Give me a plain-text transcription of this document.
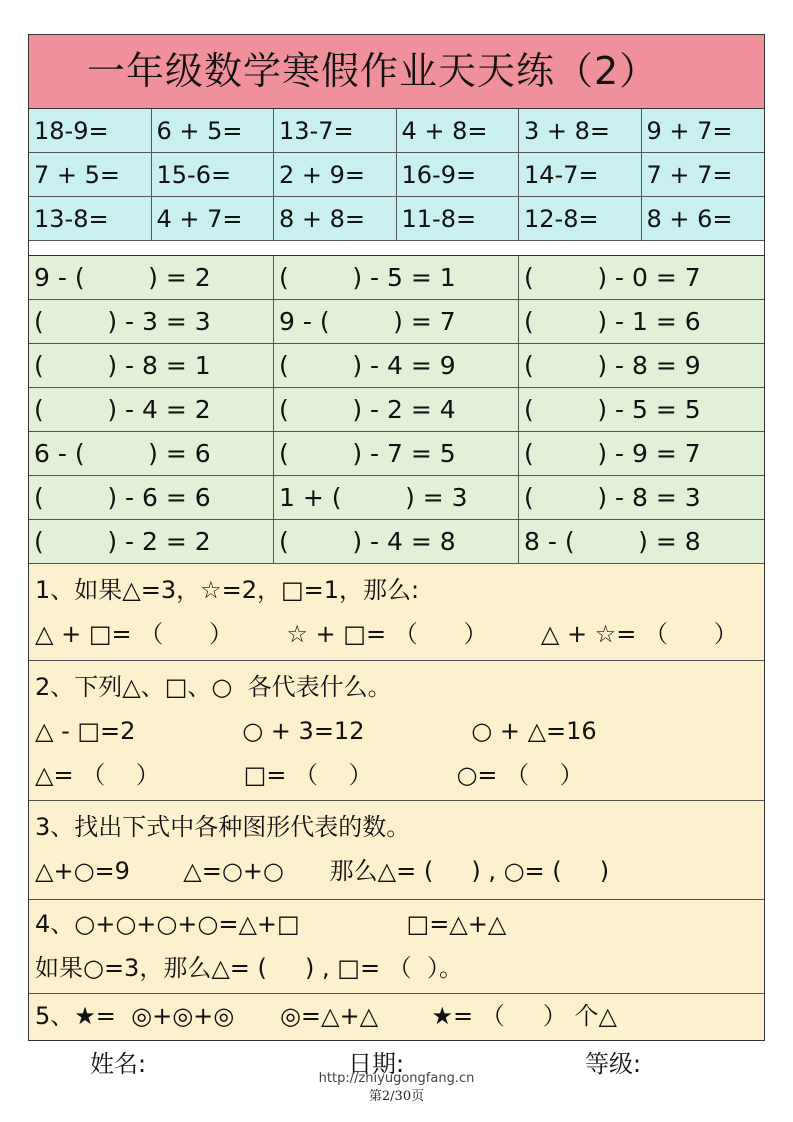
一年级数学寒假作业天天练（2）
18-9=	6 + 5=	13-7=	4 + 8=	3 + 8=	9 + 7=
7 + 5=	15-6=	2 + 9=	16-9=	14-7=	7 + 7=
13-8=	4 + 7=	8 + 8=	11-8=	12-8=	8 + 6=
9 - (        ) = 2	(        ) - 5 = 1	(        ) - 0 = 7
(        ) - 3 = 3	9 - (        ) = 7	(        ) - 1 = 6
(        ) - 8 = 1	(        ) - 4 = 9	(        ) - 8 = 9
(        ) - 4 = 2	(        ) - 2 = 4	(        ) - 5 = 5
6 - (        ) = 6	(        ) - 7 = 5	(        ) - 9 = 7
(        ) - 6 = 6	1 + (        ) = 3	(        ) - 8 = 3
(        ) - 2 = 2	(        ) - 4 = 8	8 - (        ) = 8
1、如果△=3，☆=2，□=1，那么:
△ + □= （      ）       ☆ + □= （      ）       △ + ☆= （      ）
2、下列△、□、○  各代表什么。
△ - □=2              ○ + 3=12              ○ + △=16
△= （    ）           □= （    ）           ○= （    ）
3、找出下式中各种图形代表的数。
△+○=9       △=○+○      那么△= (     ) , ○= (     )
4、○+○+○+○=△+□              □=△+△
如果○=3，那么△= (     ) , □= （  ）。
5、★=  ◎+◎+◎      ◎=△+△       ★= （     ） 个△
姓名:	日期:	等级:
http://zhiyugongfang.cn
第2/30页
